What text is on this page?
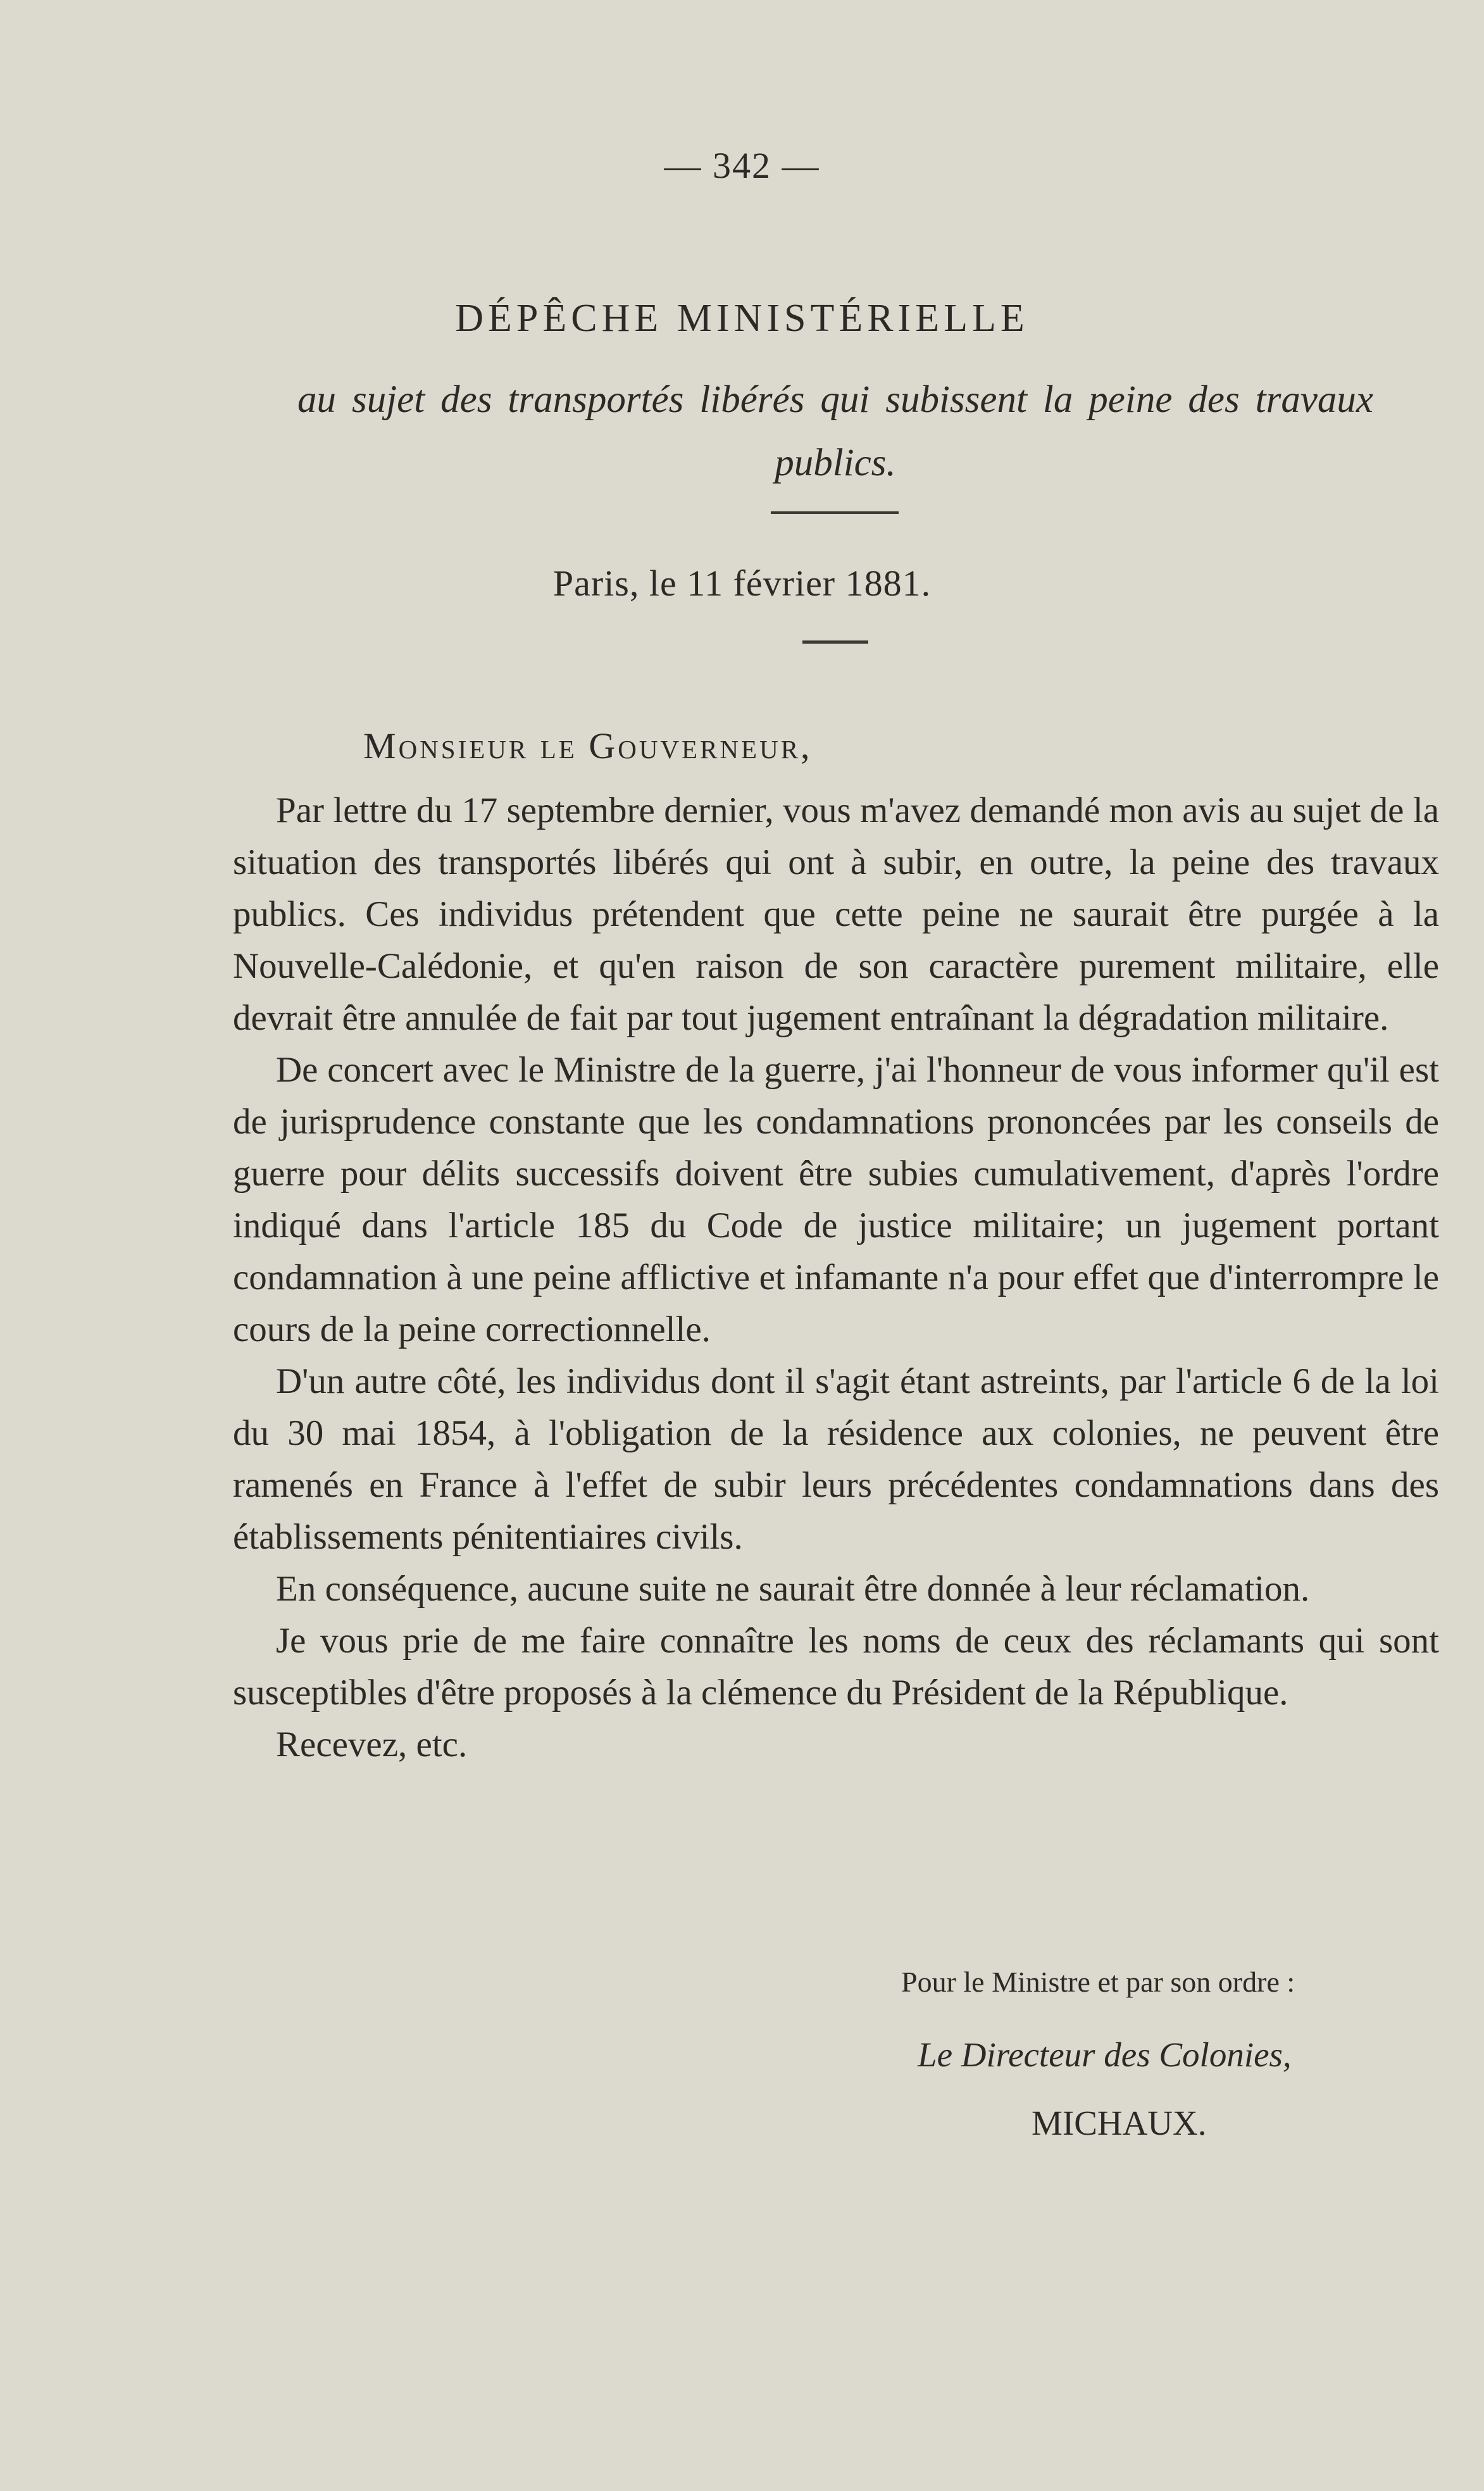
— 342 —
DÉPÊCHE MINISTÉRIELLE
au sujet des transportés libérés qui subissent la peine des travaux publics.
Paris, le 11 février 1881.
Monsieur le Gouverneur,

Par lettre du 17 septembre dernier, vous m'avez demandé mon avis au sujet de la situation des transportés libérés qui ont à subir, en outre, la peine des travaux publics. Ces individus prétendent que cette peine ne saurait être purgée à la Nouvelle-Calédonie, et qu'en raison de son caractère purement militaire, elle devrait être annulée de fait par tout jugement entraînant la dégradation militaire.

De concert avec le Ministre de la guerre, j'ai l'honneur de vous informer qu'il est de jurisprudence constante que les condamnations prononcées par les conseils de guerre pour délits successifs doivent être subies cumulativement, d'après l'ordre indiqué dans l'article 185 du Code de justice militaire; un jugement portant condamnation à une peine afflictive et infamante n'a pour effet que d'interrompre le cours de la peine correctionnelle.

D'un autre côté, les individus dont il s'agit étant astreints, par l'article 6 de la loi du 30 mai 1854, à l'obligation de la résidence aux colonies, ne peuvent être ramenés en France à l'effet de subir leurs précédentes condamnations dans des établissements pénitentiaires civils.

En conséquence, aucune suite ne saurait être donnée à leur réclamation.

Je vous prie de me faire connaître les noms de ceux des réclamants qui sont susceptibles d'être proposés à la clémence du Président de la République.

Recevez, etc.

Pour le Ministre et par son ordre :
Le Directeur des Colonies,
MICHAUX.
